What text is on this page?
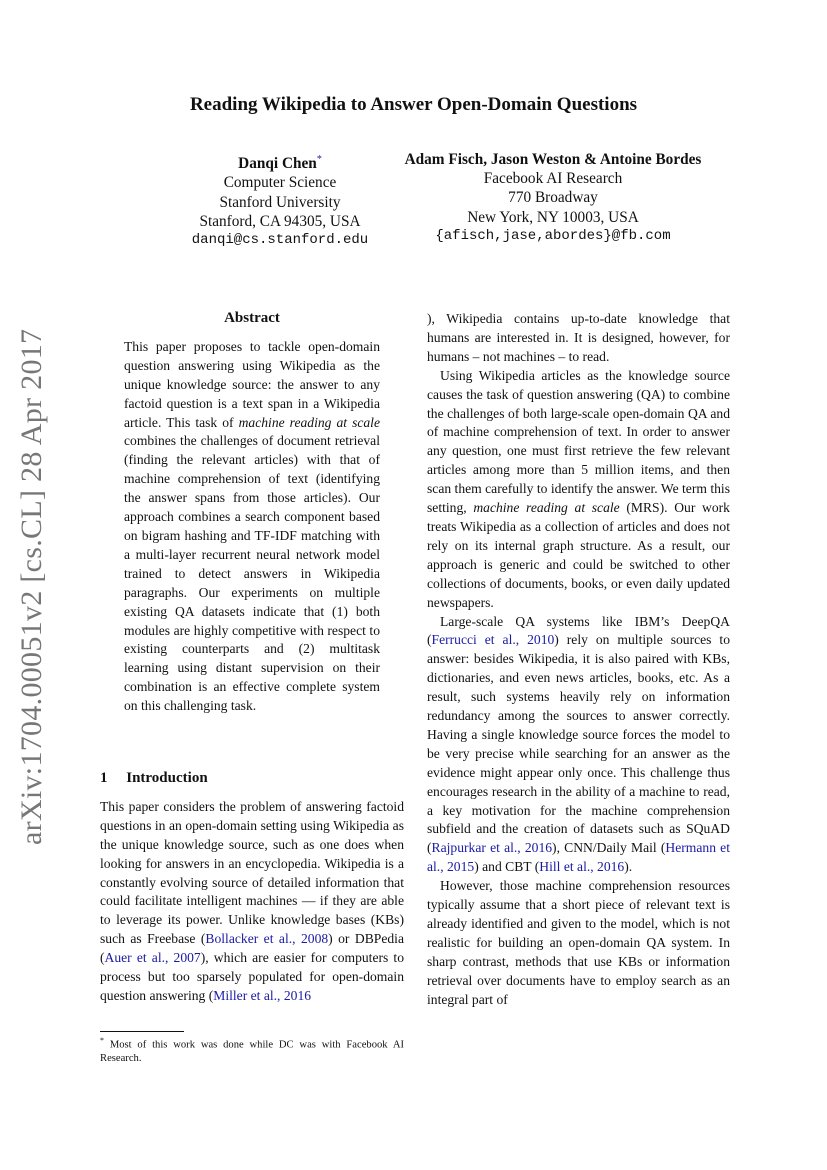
arXiv:1704.00051v2 [cs.CL] 28 Apr 2017
Reading Wikipedia to Answer Open-Domain Questions
Danqi Chen*
Computer Science
Stanford University
Stanford, CA 94305, USA
danqi@cs.stanford.edu
Adam Fisch, Jason Weston & Antoine Bordes
Facebook AI Research
770 Broadway
New York, NY 10003, USA
{afisch,jase,abordes}@fb.com
Abstract

This paper proposes to tackle open-domain question answering using Wikipedia as the unique knowledge source: the answer to any factoid question is a text span in a Wikipedia article. This task of machine reading at scale combines the challenges of document retrieval (finding the relevant articles) with that of machine comprehension of text (identifying the answer spans from those articles). Our approach combines a search component based on bigram hashing and TF-IDF matching with a multi-layer recurrent neural network model trained to detect answers in Wikipedia paragraphs. Our experiments on multiple existing QA datasets indicate that (1) both modules are highly competitive with respect to existing counterparts and (2) multitask learning using distant supervision on their combination is an effective complete system on this challenging task.

1  Introduction

This paper considers the problem of answering factoid questions in an open-domain setting using Wikipedia as the unique knowledge source, such as one does when looking for answers in an encyclopedia. Wikipedia is a constantly evolving source of detailed information that could facilitate intelligent machines — if they are able to leverage its power. Unlike knowledge bases (KBs) such as Freebase (Bollacker et al., 2008) or DBPedia (Auer et al., 2007), which are easier for computers to process but too sparsely populated for open-domain question answering (Miller et al., 2016

* Most of this work was done while DC was with Facebook AI Research.

), Wikipedia contains up-to-date knowledge that humans are interested in. It is designed, however, for humans – not machines – to read.

Using Wikipedia articles as the knowledge source causes the task of question answering (QA) to combine the challenges of both large-scale open-domain QA and of machine comprehension of text. In order to answer any question, one must first retrieve the few relevant articles among more than 5 million items, and then scan them carefully to identify the answer. We term this setting, machine reading at scale (MRS). Our work treats Wikipedia as a collection of articles and does not rely on its internal graph structure. As a result, our approach is generic and could be switched to other collections of documents, books, or even daily updated newspapers.

Large-scale QA systems like IBM’s DeepQA (Ferrucci et al., 2010) rely on multiple sources to answer: besides Wikipedia, it is also paired with KBs, dictionaries, and even news articles, books, etc. As a result, such systems heavily rely on information redundancy among the sources to answer correctly. Having a single knowledge source forces the model to be very precise while searching for an answer as the evidence might appear only once. This challenge thus encourages research in the ability of a machine to read, a key motivation for the machine comprehension subfield and the creation of datasets such as SQuAD (Rajpurkar et al., 2016), CNN/Daily Mail (Hermann et al., 2015) and CBT (Hill et al., 2016).

However, those machine comprehension resources typically assume that a short piece of relevant text is already identified and given to the model, which is not realistic for building an open-domain QA system. In sharp contrast, methods that use KBs or information retrieval over documents have to employ search as an integral part of
